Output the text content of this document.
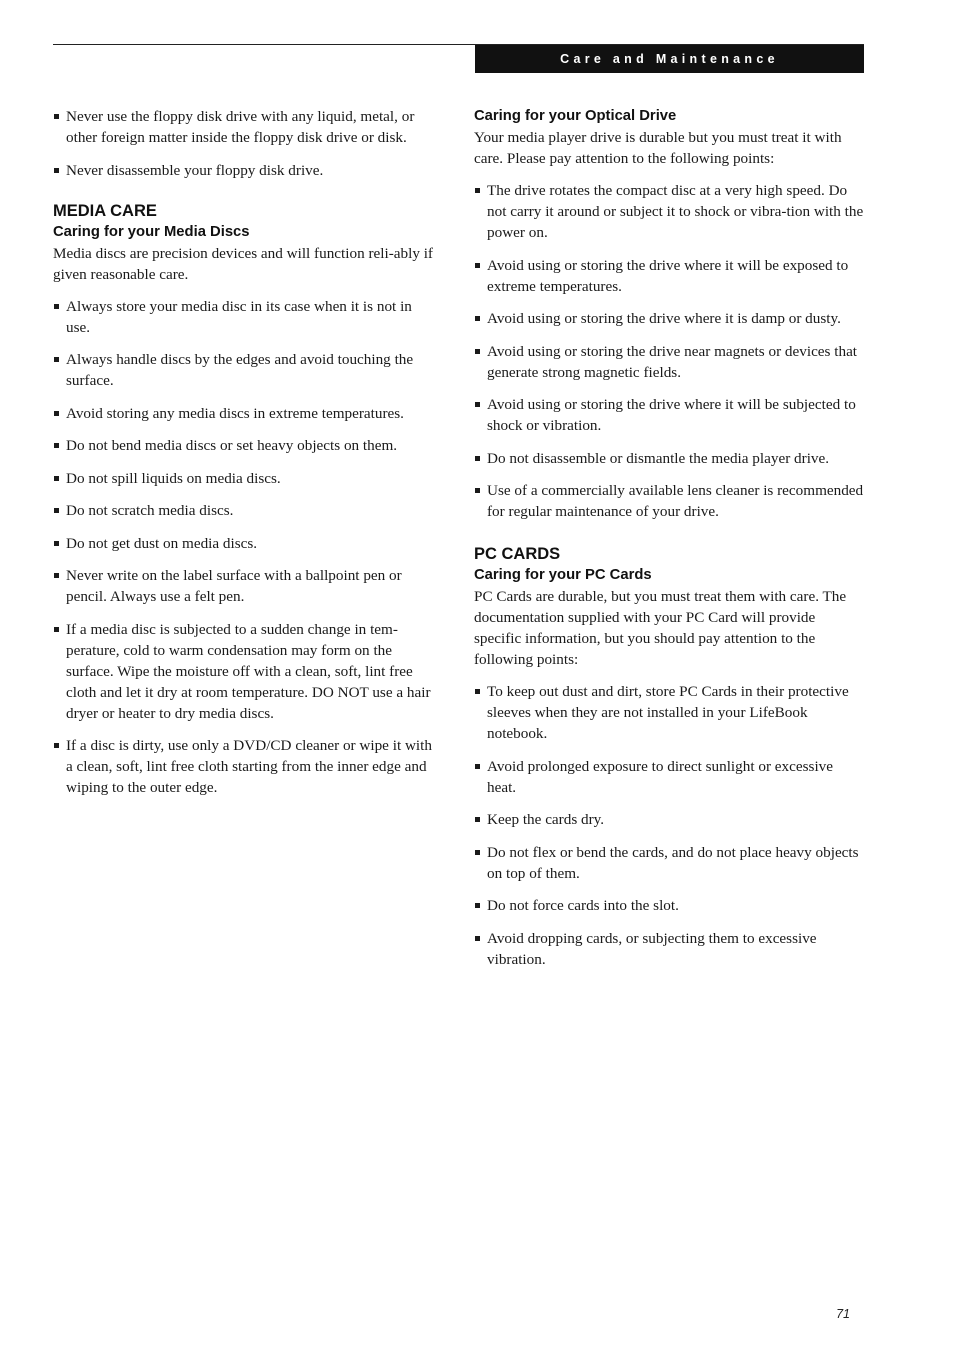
Care and Maintenance
Never use the floppy disk drive with any liquid, metal, or other foreign matter inside the floppy disk drive or disk.
Never disassemble your floppy disk drive.
MEDIA CARE
Caring for your Media Discs

Media discs are precision devices and will function reli-ably if given reasonable care.

Always store your media disc in its case when it is not in use.
Always handle discs by the edges and avoid touching the surface.
Avoid storing any media discs in extreme temperatures.
Do not bend media discs or set heavy objects on them.
Do not spill liquids on media discs.
Do not scratch media discs.
Do not get dust on media discs.
Never write on the label surface with a ballpoint pen or pencil. Always use a felt pen.
If a media disc is subjected to a sudden change in tem-perature, cold to warm condensation may form on the surface. Wipe the moisture off with a clean, soft, lint free cloth and let it dry at room temperature. DO NOT use a hair dryer or heater to dry media discs.
If a disc is dirty, use only a DVD/CD cleaner or wipe it with a clean, soft, lint free cloth starting from the inner edge and wiping to the outer edge.
Caring for your Optical Drive

Your media player drive is durable but you must treat it with care. Please pay attention to the following points:

The drive rotates the compact disc at a very high speed. Do not carry it around or subject it to shock or vibra-tion with the power on.
Avoid using or storing the drive where it will be exposed to extreme temperatures.
Avoid using or storing the drive where it is damp or dusty.
Avoid using or storing the drive near magnets or devices that generate strong magnetic fields.
Avoid using or storing the drive where it will be subjected to shock or vibration.
Do not disassemble or dismantle the media player drive.
Use of a commercially available lens cleaner is recommended for regular maintenance of your drive.
PC CARDS
Caring for your PC Cards

PC Cards are durable, but you must treat them with care. The documentation supplied with your PC Card will provide specific information, but you should pay attention to the following points:

To keep out dust and dirt, store PC Cards in their protective sleeves when they are not installed in your LifeBook notebook.
Avoid prolonged exposure to direct sunlight or excessive heat.
Keep the cards dry.
Do not flex or bend the cards, and do not place heavy objects on top of them.
Do not force cards into the slot.
Avoid dropping cards, or subjecting them to excessive vibration.
71
